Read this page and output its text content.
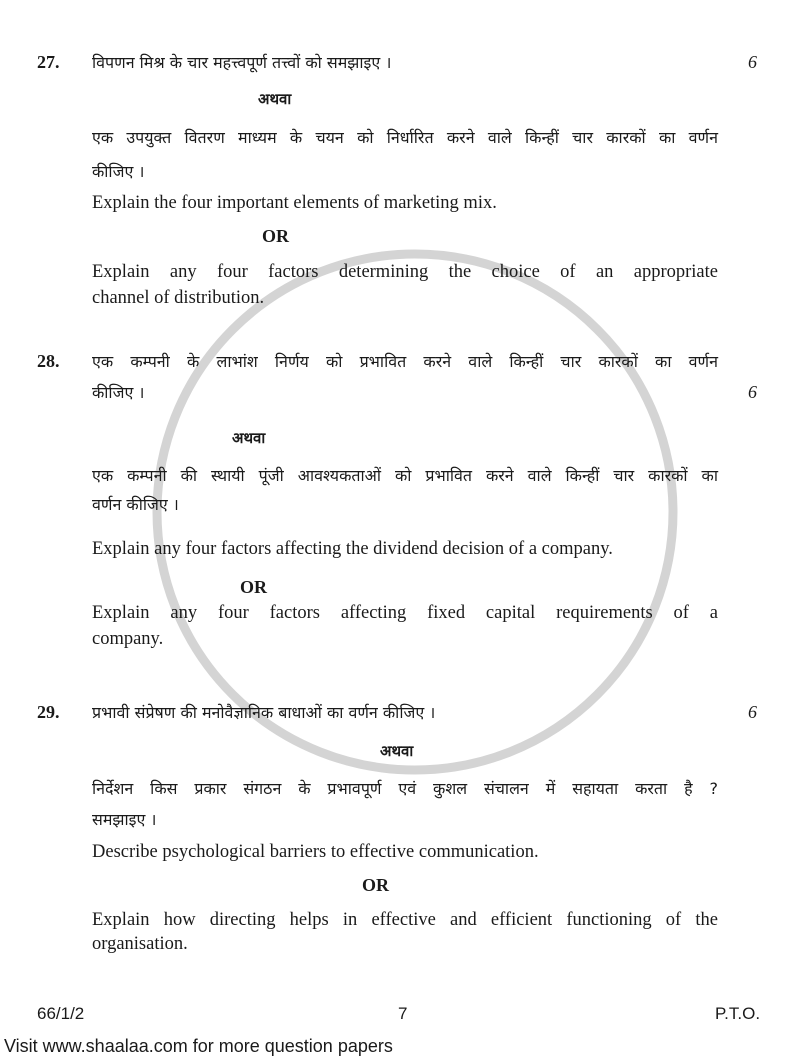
27. विपणन मिश्र के चार महत्त्वपूर्ण तत्त्वों को समझाइए ।	6
अथवा
एक उपयुक्त वितरण माध्यम के चयन को निर्धारित करने वाले किन्हीं चार कारकों का वर्णन
कीजिए ।
Explain the four important elements of marketing mix.
OR
Explain any four factors determining the choice of an appropriate
channel of distribution.
28. एक कम्पनी के लाभांश निर्णय को प्रभावित करने वाले किन्हीं चार कारकों का वर्णन
कीजिए ।	6
अथवा
एक कम्पनी की स्थायी पूंजी आवश्यकताओं को प्रभावित करने वाले किन्हीं चार कारकों का
वर्णन कीजिए ।
Explain any four factors affecting the dividend decision of a company.
OR
Explain any four factors affecting fixed capital requirements of a
company.
29. प्रभावी संप्रेषण की मनोवैज्ञानिक बाधाओं का वर्णन कीजिए ।	6
अथवा
निर्देशन किस प्रकार संगठन के प्रभावपूर्ण एवं कुशल संचालन में सहायता करता है ?
समझाइए ।
Describe psychological barriers to effective communication.
OR
Explain how directing helps in effective and efficient functioning of the
organisation.
66/1/2	7	P.T.O.
Visit www.shaalaa.com for more question papers
